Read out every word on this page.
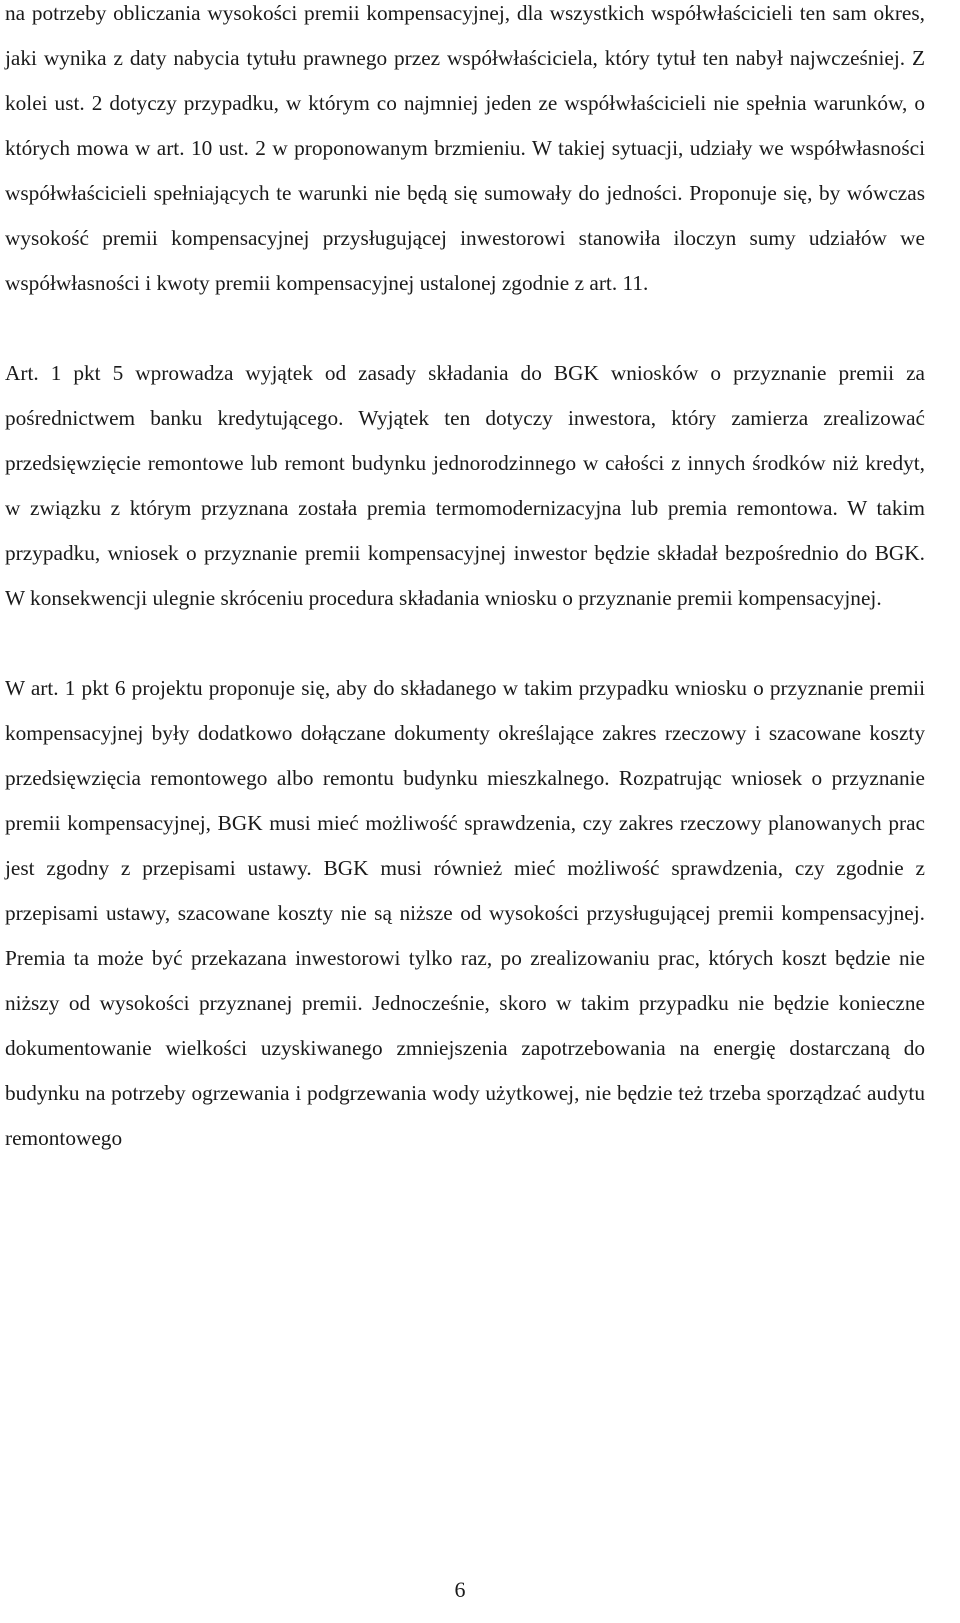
na potrzeby obliczania wysokości premii kompensacyjnej, dla wszystkich współwłaścicieli ten sam okres, jaki wynika z daty nabycia tytułu prawnego przez współwłaściciela, który tytuł ten nabył najwcześniej. Z kolei ust. 2 dotyczy przypadku, w którym co najmniej jeden ze współwłaścicieli nie spełnia warunków, o których mowa w art. 10 ust. 2 w proponowanym brzmieniu. W takiej sytuacji, udziały we współwłasności współwłaścicieli spełniających te warunki nie będą się sumowały do jedności. Proponuje się, by wówczas wysokość premii kompensacyjnej przysługującej inwestorowi stanowiła iloczyn sumy udziałów we współwłasności i kwoty premii kompensacyjnej ustalonej zgodnie z art. 11.

Art. 1 pkt 5 wprowadza wyjątek od zasady składania do BGK wniosków o przyznanie premii za pośrednictwem banku kredytującego. Wyjątek ten dotyczy inwestora, który zamierza zrealizować przedsięwzięcie remontowe lub remont budynku jednorodzinnego w całości z innych środków niż kredyt, w związku z którym przyznana została premia termomodernizacyjna lub premia remontowa. W takim przypadku, wniosek o przyznanie premii kompensacyjnej inwestor będzie składał bezpośrednio do BGK. W konsekwencji ulegnie skróceniu procedura składania wniosku o przyznanie premii kompensacyjnej.

W art. 1 pkt 6 projektu proponuje się, aby do składanego w takim przypadku wniosku o przyznanie premii kompensacyjnej były dodatkowo dołączane dokumenty określające zakres rzeczowy i szacowane koszty przedsięwzięcia remontowego albo remontu budynku mieszkalnego. Rozpatrując wniosek o przyznanie premii kompensacyjnej, BGK musi mieć możliwość sprawdzenia, czy zakres rzeczowy planowanych prac jest zgodny z przepisami ustawy. BGK musi również mieć możliwość sprawdzenia, czy zgodnie z przepisami ustawy, szacowane koszty nie są niższe od wysokości przysługującej premii kompensacyjnej. Premia ta może być przekazana inwestorowi tylko raz, po zrealizowaniu prac, których koszt będzie nie niższy od wysokości przyznanej premii. Jednocześnie, skoro w takim przypadku nie będzie konieczne dokumentowanie wielkości uzyskiwanego zmniejszenia zapotrzebowania na energię dostarczaną do budynku na potrzeby ogrzewania i podgrzewania wody użytkowej, nie będzie też trzeba sporządzać audytu remontowego

6
